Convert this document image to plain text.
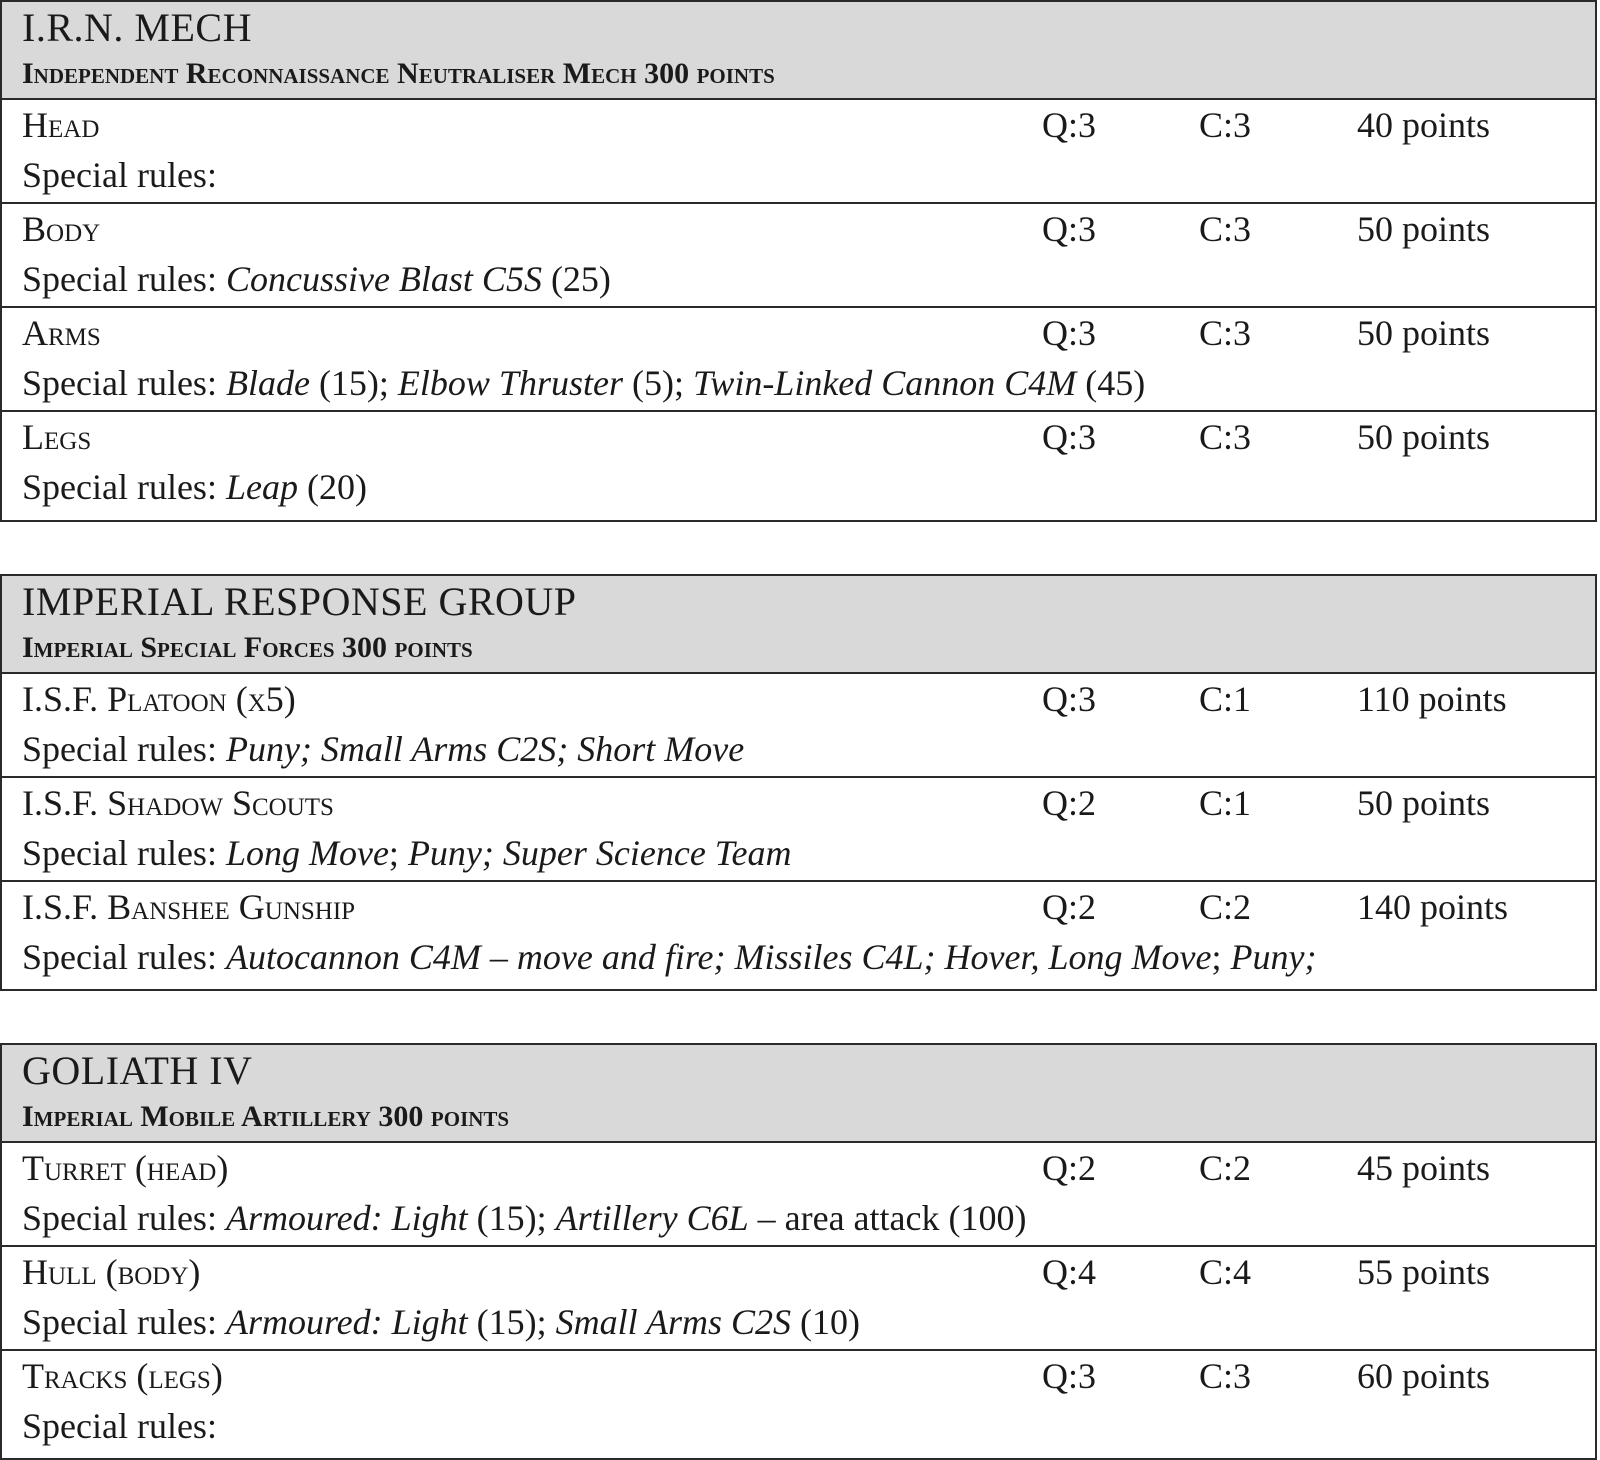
I.R.N. MECH
Independent Reconnaissance Neutraliser Mech 300 points
Head	Q:3	C:3	40 points
Special rules:
Body	Q:3	C:3	50 points
Special rules: Concussive Blast C5S (25)
Arms	Q:3	C:3	50 points
Special rules: Blade (15); Elbow Thruster (5); Twin-Linked Cannon C4M (45)
Legs	Q:3	C:3	50 points
Special rules: Leap (20)
IMPERIAL RESPONSE GROUP
Imperial Special Forces 300 points
I.S.F. Platoon (x5)	Q:3	C:1	110 points
Special rules: Puny; Small Arms C2S; Short Move
I.S.F. Shadow Scouts	Q:2	C:1	50 points
Special rules: Long Move; Puny; Super Science Team
I.S.F. Banshee Gunship	Q:2	C:2	140 points
Special rules: Autocannon C4M – move and fire; Missiles C4L; Hover, Long Move; Puny;
GOLIATH IV
Imperial Mobile Artillery 300 points
Turret (head)	Q:2	C:2	45 points
Special rules: Armoured: Light (15); Artillery C6L – area attack (100)
Hull (body)	Q:4	C:4	55 points
Special rules: Armoured: Light (15); Small Arms C2S (10)
Tracks (legs)	Q:3	C:3	60 points
Special rules:
